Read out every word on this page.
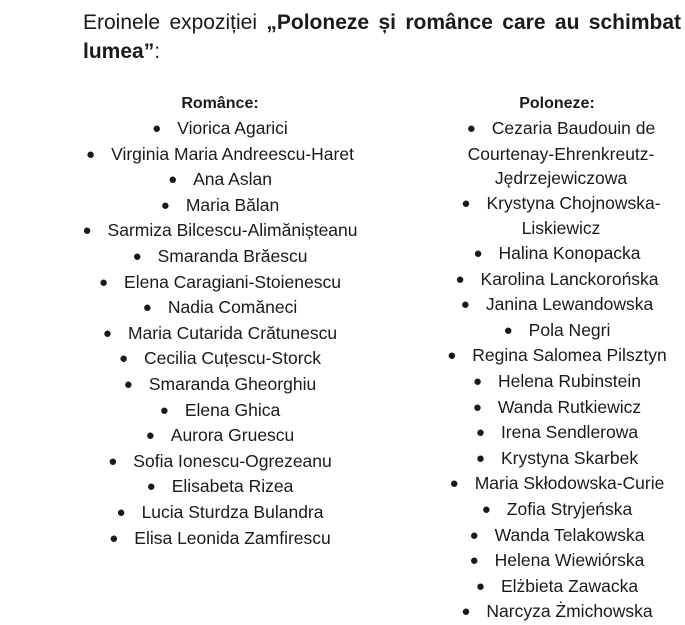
Eroinele expoziției „Poloneze și românce care au schimbat lumea”:

Românce:

● Viorica Agarici
● Virginia Maria Andreescu-Haret
● Ana Aslan
● Maria Bălan
● Sarmiza Bilcescu-Alimănișteanu
● Smaranda Brăescu
● Elena Caragiani-Stoienescu
● Nadia Comăneci
● Maria Cutarida Crătunescu
● Cecilia Cuțescu-Storck
● Smaranda Gheorghiu
● Elena Ghica
● Aurora Gruescu
● Sofia Ionescu-Ogrezeanu
● Elisabeta Rizea
● Lucia Sturdza Bulandra
● Elisa Leonida Zamfirescu

Poloneze:

● Cezaria Baudouin de Courtenay-Ehrenkreutz-Jędrzejewiczowa
● Krystyna Chojnowska-Liskiewicz
● Halina Konopacka
● Karolina Lanckorońska
● Janina Lewandowska
● Pola Negri
● Regina Salomea Pilsztyn
● Helena Rubinstein
● Wanda Rutkiewicz
● Irena Sendlerowa
● Krystyna Skarbek
● Maria Skłodowska-Curie
● Zofia Stryjeńska
● Wanda Telakowska
● Helena Wiewiórska
● Elżbieta Zawacka
● Narcyza Żmichowska
